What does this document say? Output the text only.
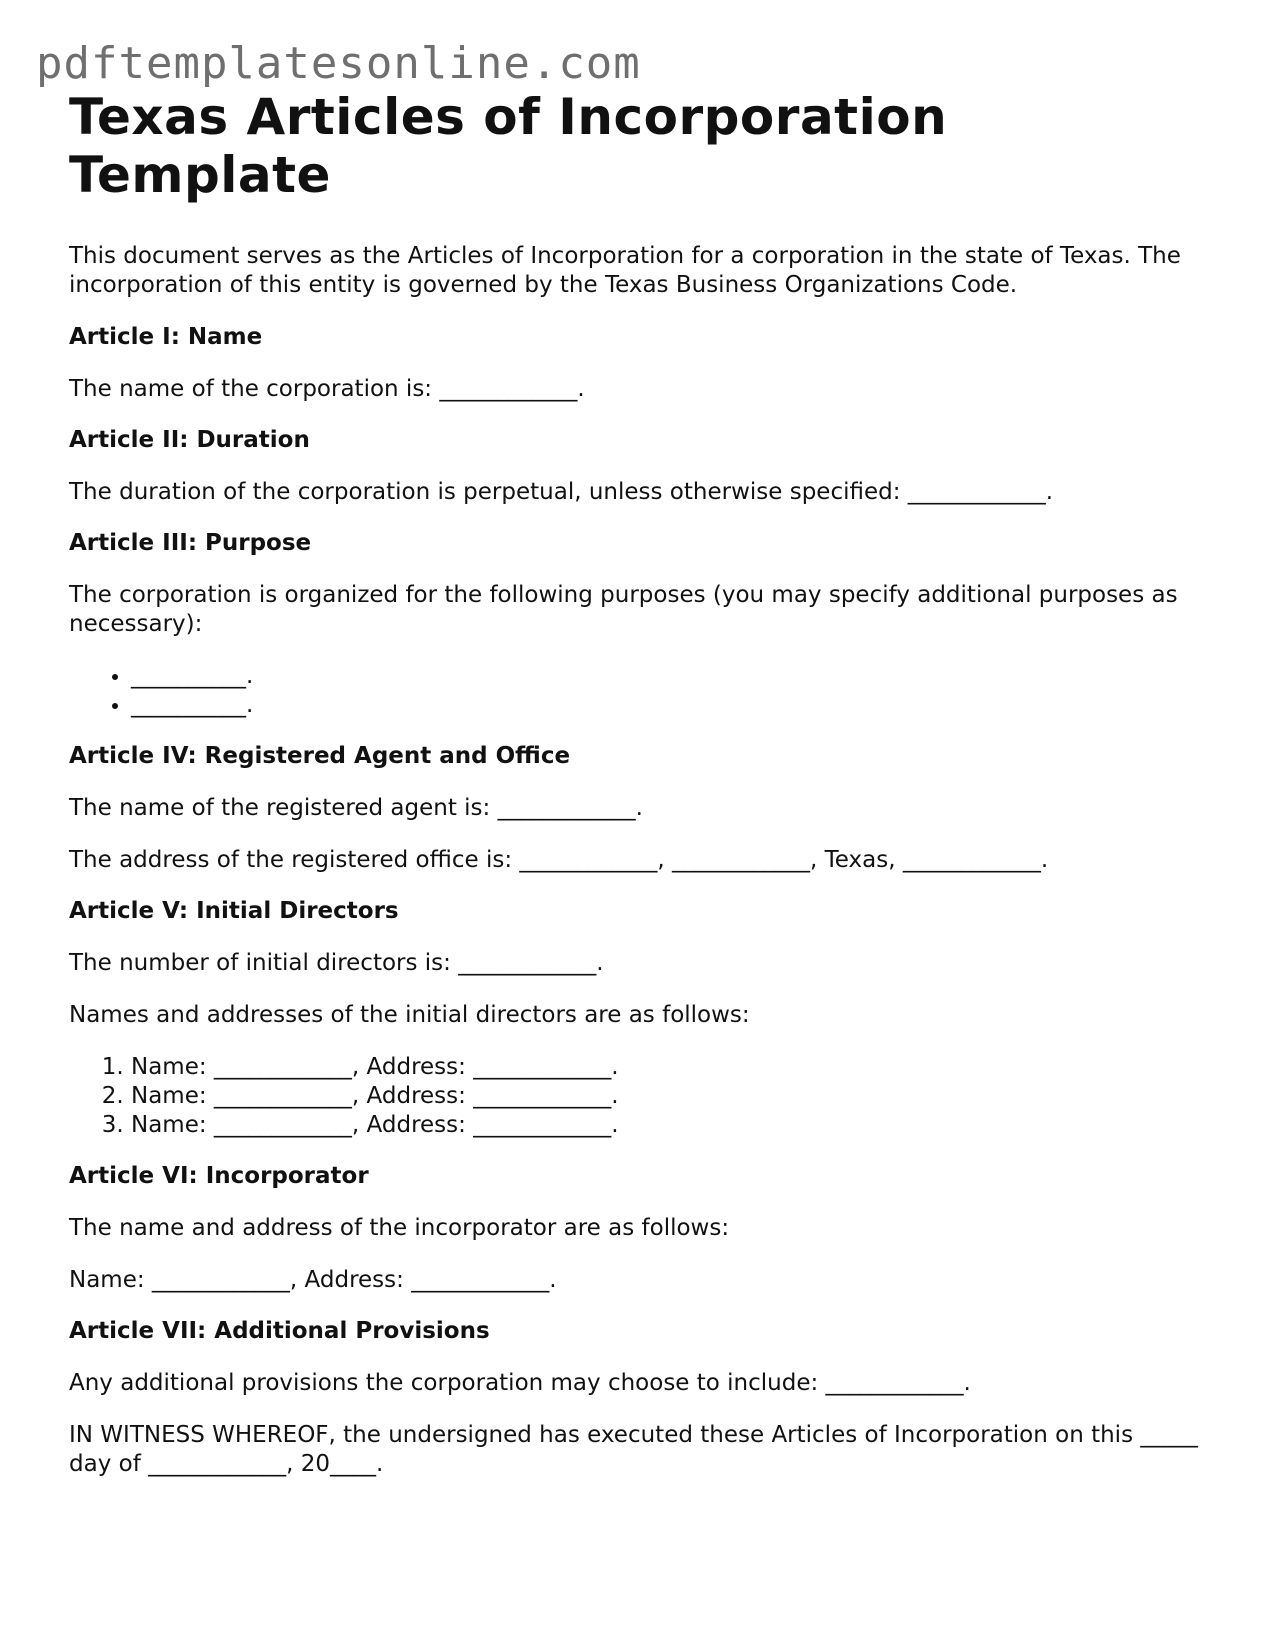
pdftemplatesonline.com
Texas Articles of Incorporation
Template

This document serves as the Articles of Incorporation for a corporation in the state of Texas. The incorporation of this entity is governed by the Texas Business Organizations Code.

Article I: Name

The name of the corporation is: ____________.

Article II: Duration

The duration of the corporation is perpetual, unless otherwise specified: ____________.

Article III: Purpose

The corporation is organized for the following purposes (you may specify additional purposes as necessary):

• __________.
• __________.
Article IV: Registered Agent and Office

The name of the registered agent is: ____________.

The address of the registered office is: ____________, ____________, Texas, ____________.

Article V: Initial Directors

The number of initial directors is: ____________.

Names and addresses of the initial directors are as follows:

1. Name: ____________, Address: ____________.
2. Name: ____________, Address: ____________.
3. Name: ____________, Address: ____________.
Article VI: Incorporator

The name and address of the incorporator are as follows:

Name: ____________, Address: ____________.

Article VII: Additional Provisions

Any additional provisions the corporation may choose to include: ____________.

IN WITNESS WHEREOF, the undersigned has executed these Articles of Incorporation on this _____ day of ____________, 20____.
